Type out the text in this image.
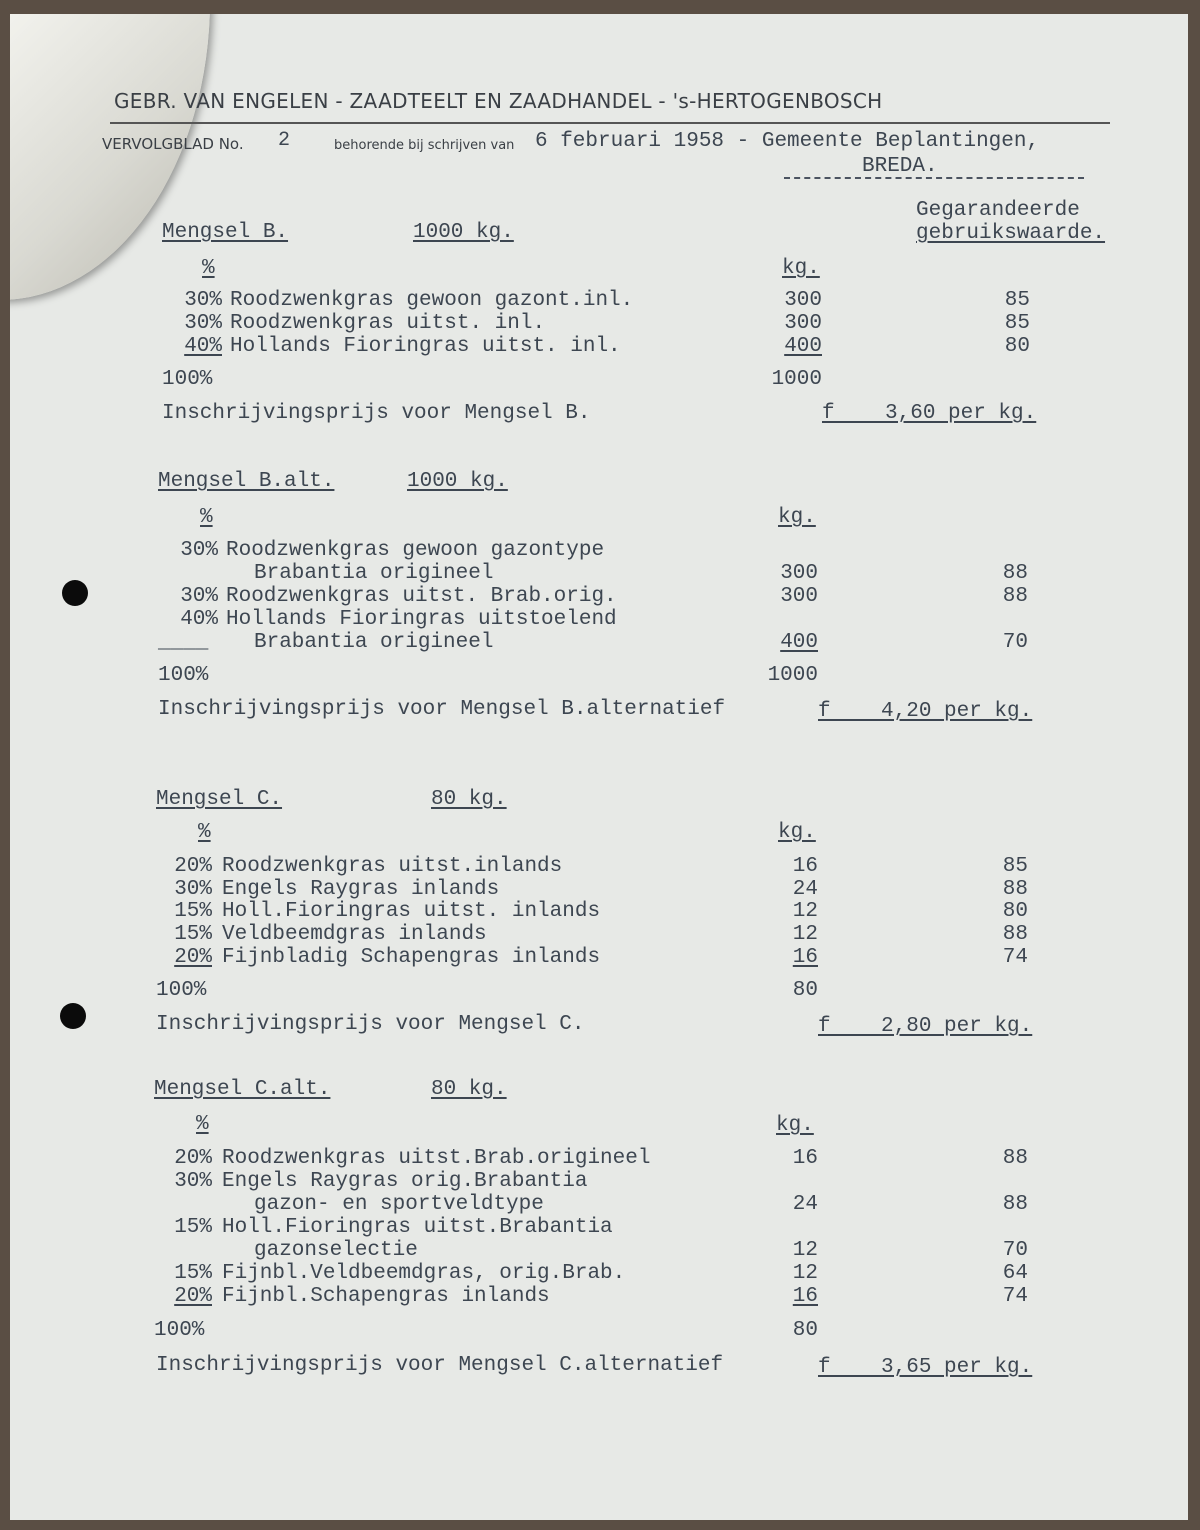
GEBR. VAN ENGELEN - ZAADTEELT EN ZAADHANDEL - 's-HERTOGENBOSCH
VERVOLGBLAD No. 2	behorende bij schrijven van 6 februari 1958 - Gemeente Beplantingen,
BREDA.
Gegarandeerde
gebruikswaarde.
Mengsel B.	1000 kg.
%	kg.
30% Roodzwenkgras gewoon gazont.inl.	300	85
30% Roodzwenkgras uitst. inl.	300	85
40% Hollands Fioringras uitst. inl.	400	80
100%	1000
Inschrijvingsprijs voor Mengsel B.	f    3,60 per kg.
Mengsel B.alt.	1000 kg.
%	kg.
30% Roodzwenkgras gewoon gazontype
Brabantia origineel	300	88
30% Roodzwenkgras uitst. Brab.orig.	300	88
40% Hollands Fioringras uitstoelend
____ Brabantia origineel	400	70
100%	1000
Inschrijvingsprijs voor Mengsel B.alternatief	f    4,20 per kg.
Mengsel C.	80 kg.
%	kg.
20% Roodzwenkgras uitst.inlands	16	85
30% Engels Raygras inlands	24	88
15% Holl.Fioringras uitst. inlands	12	80
15% Veldbeemdgras inlands	12	88
20% Fijnbladig Schapengras inlands	16	74
100%	80
Inschrijvingsprijs voor Mengsel C.	f    2,80 per kg.
Mengsel C.alt.	80 kg.
%	kg.
20% Roodzwenkgras uitst.Brab.origineel	16	88
30% Engels Raygras orig.Brabantia
gazon- en sportveldtype	24	88
15% Holl.Fioringras uitst.Brabantia
gazonselectie	12	70
15% Fijnbl.Veldbeemdgras, orig.Brab.	12	64
20% Fijnbl.Schapengras inlands	16	74
100%	80
Inschrijvingsprijs voor Mengsel C.alternatief	f    3,65 per kg.
